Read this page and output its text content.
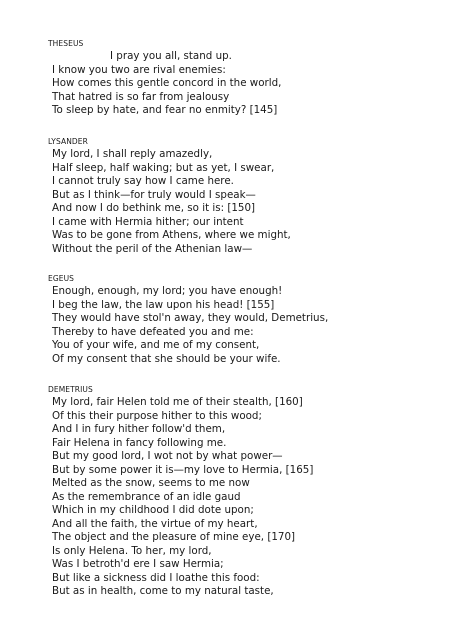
THESEUS
I pray you all, stand up.
I know you two are rival enemies:
How comes this gentle concord in the world,
That hatred is so far from jealousy
To sleep by hate, and fear no enmity? [145]
LYSANDER
My lord, I shall reply amazedly,
Half sleep, half waking; but as yet, I swear,
I cannot truly say how I came here.
But as I think—for truly would I speak—
And now I do bethink me, so it is: [150]
I came with Hermia hither; our intent
Was to be gone from Athens, where we might,
Without the peril of the Athenian law—
EGEUS
Enough, enough, my lord; you have enough!
I beg the law, the law upon his head! [155]
They would have stol'n away, they would, Demetrius,
Thereby to have defeated you and me:
You of your wife, and me of my consent,
Of my consent that she should be your wife.
DEMETRIUS
My lord, fair Helen told me of their stealth, [160]
Of this their purpose hither to this wood;
And I in fury hither follow'd them,
Fair Helena in fancy following me.
But my good lord, I wot not by what power—
But by some power it is—my love to Hermia, [165]
Melted as the snow, seems to me now
As the remembrance of an idle gaud
Which in my childhood I did dote upon;
And all the faith, the virtue of my heart,
The object and the pleasure of mine eye, [170]
Is only Helena. To her, my lord,
Was I betroth'd ere I saw Hermia;
But like a sickness did I loathe this food:
But as in health, come to my natural taste,
